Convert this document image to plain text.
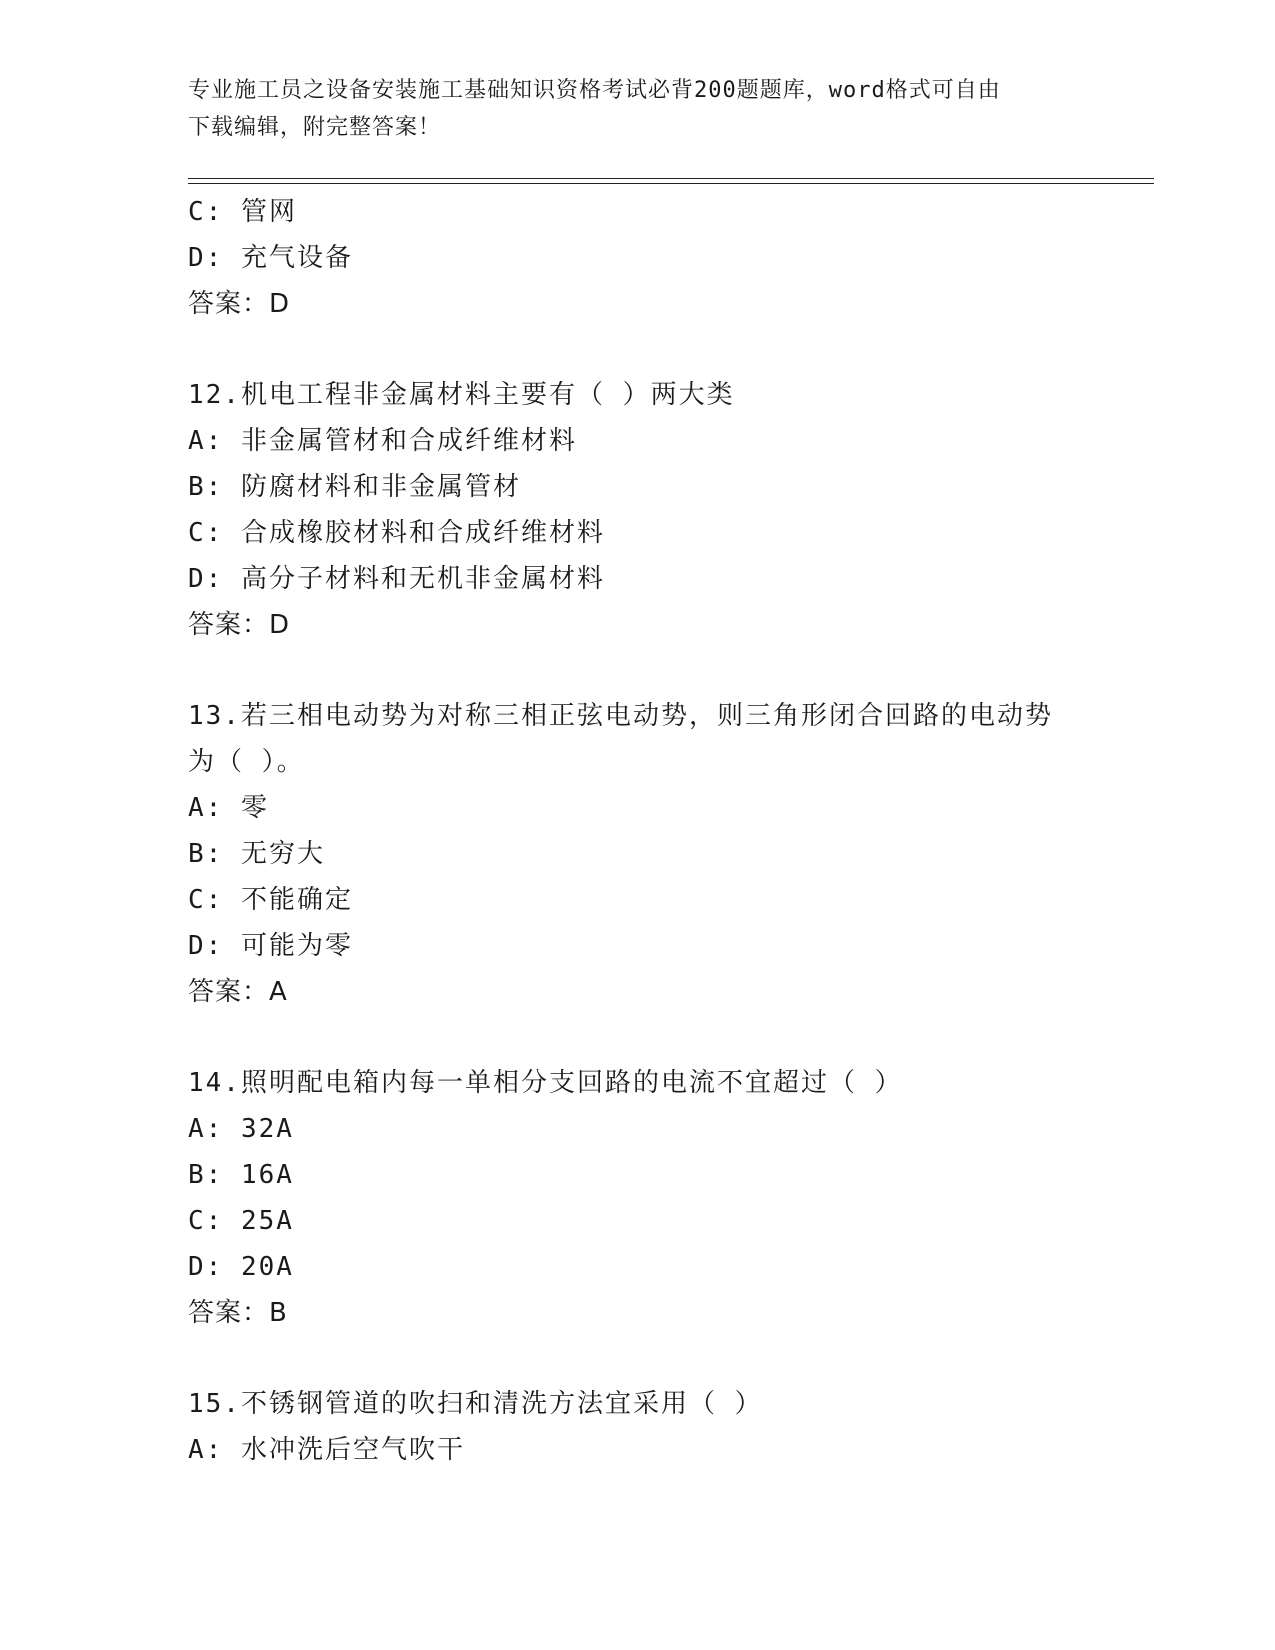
专业施工员之设备安装施工基础知识资格考试必背200题题库，word格式可自由
下载编辑，附完整答案！
C: 管网
D: 充气设备
答案：D
12.机电工程非金属材料主要有（ ）两大类
A: 非金属管材和合成纤维材料
B: 防腐材料和非金属管材
C: 合成橡胶材料和合成纤维材料
D: 高分子材料和无机非金属材料
答案：D
13.若三相电动势为对称三相正弦电动势，则三角形闭合回路的电动势
为（ ）。
A: 零
B: 无穷大
C: 不能确定
D: 可能为零
答案：A
14.照明配电箱内每一单相分支回路的电流不宜超过（ ）
A: 32A
B: 16A
C: 25A
D: 20A
答案：B
15.不锈钢管道的吹扫和清洗方法宜采用（ ）
A: 水冲洗后空气吹干
